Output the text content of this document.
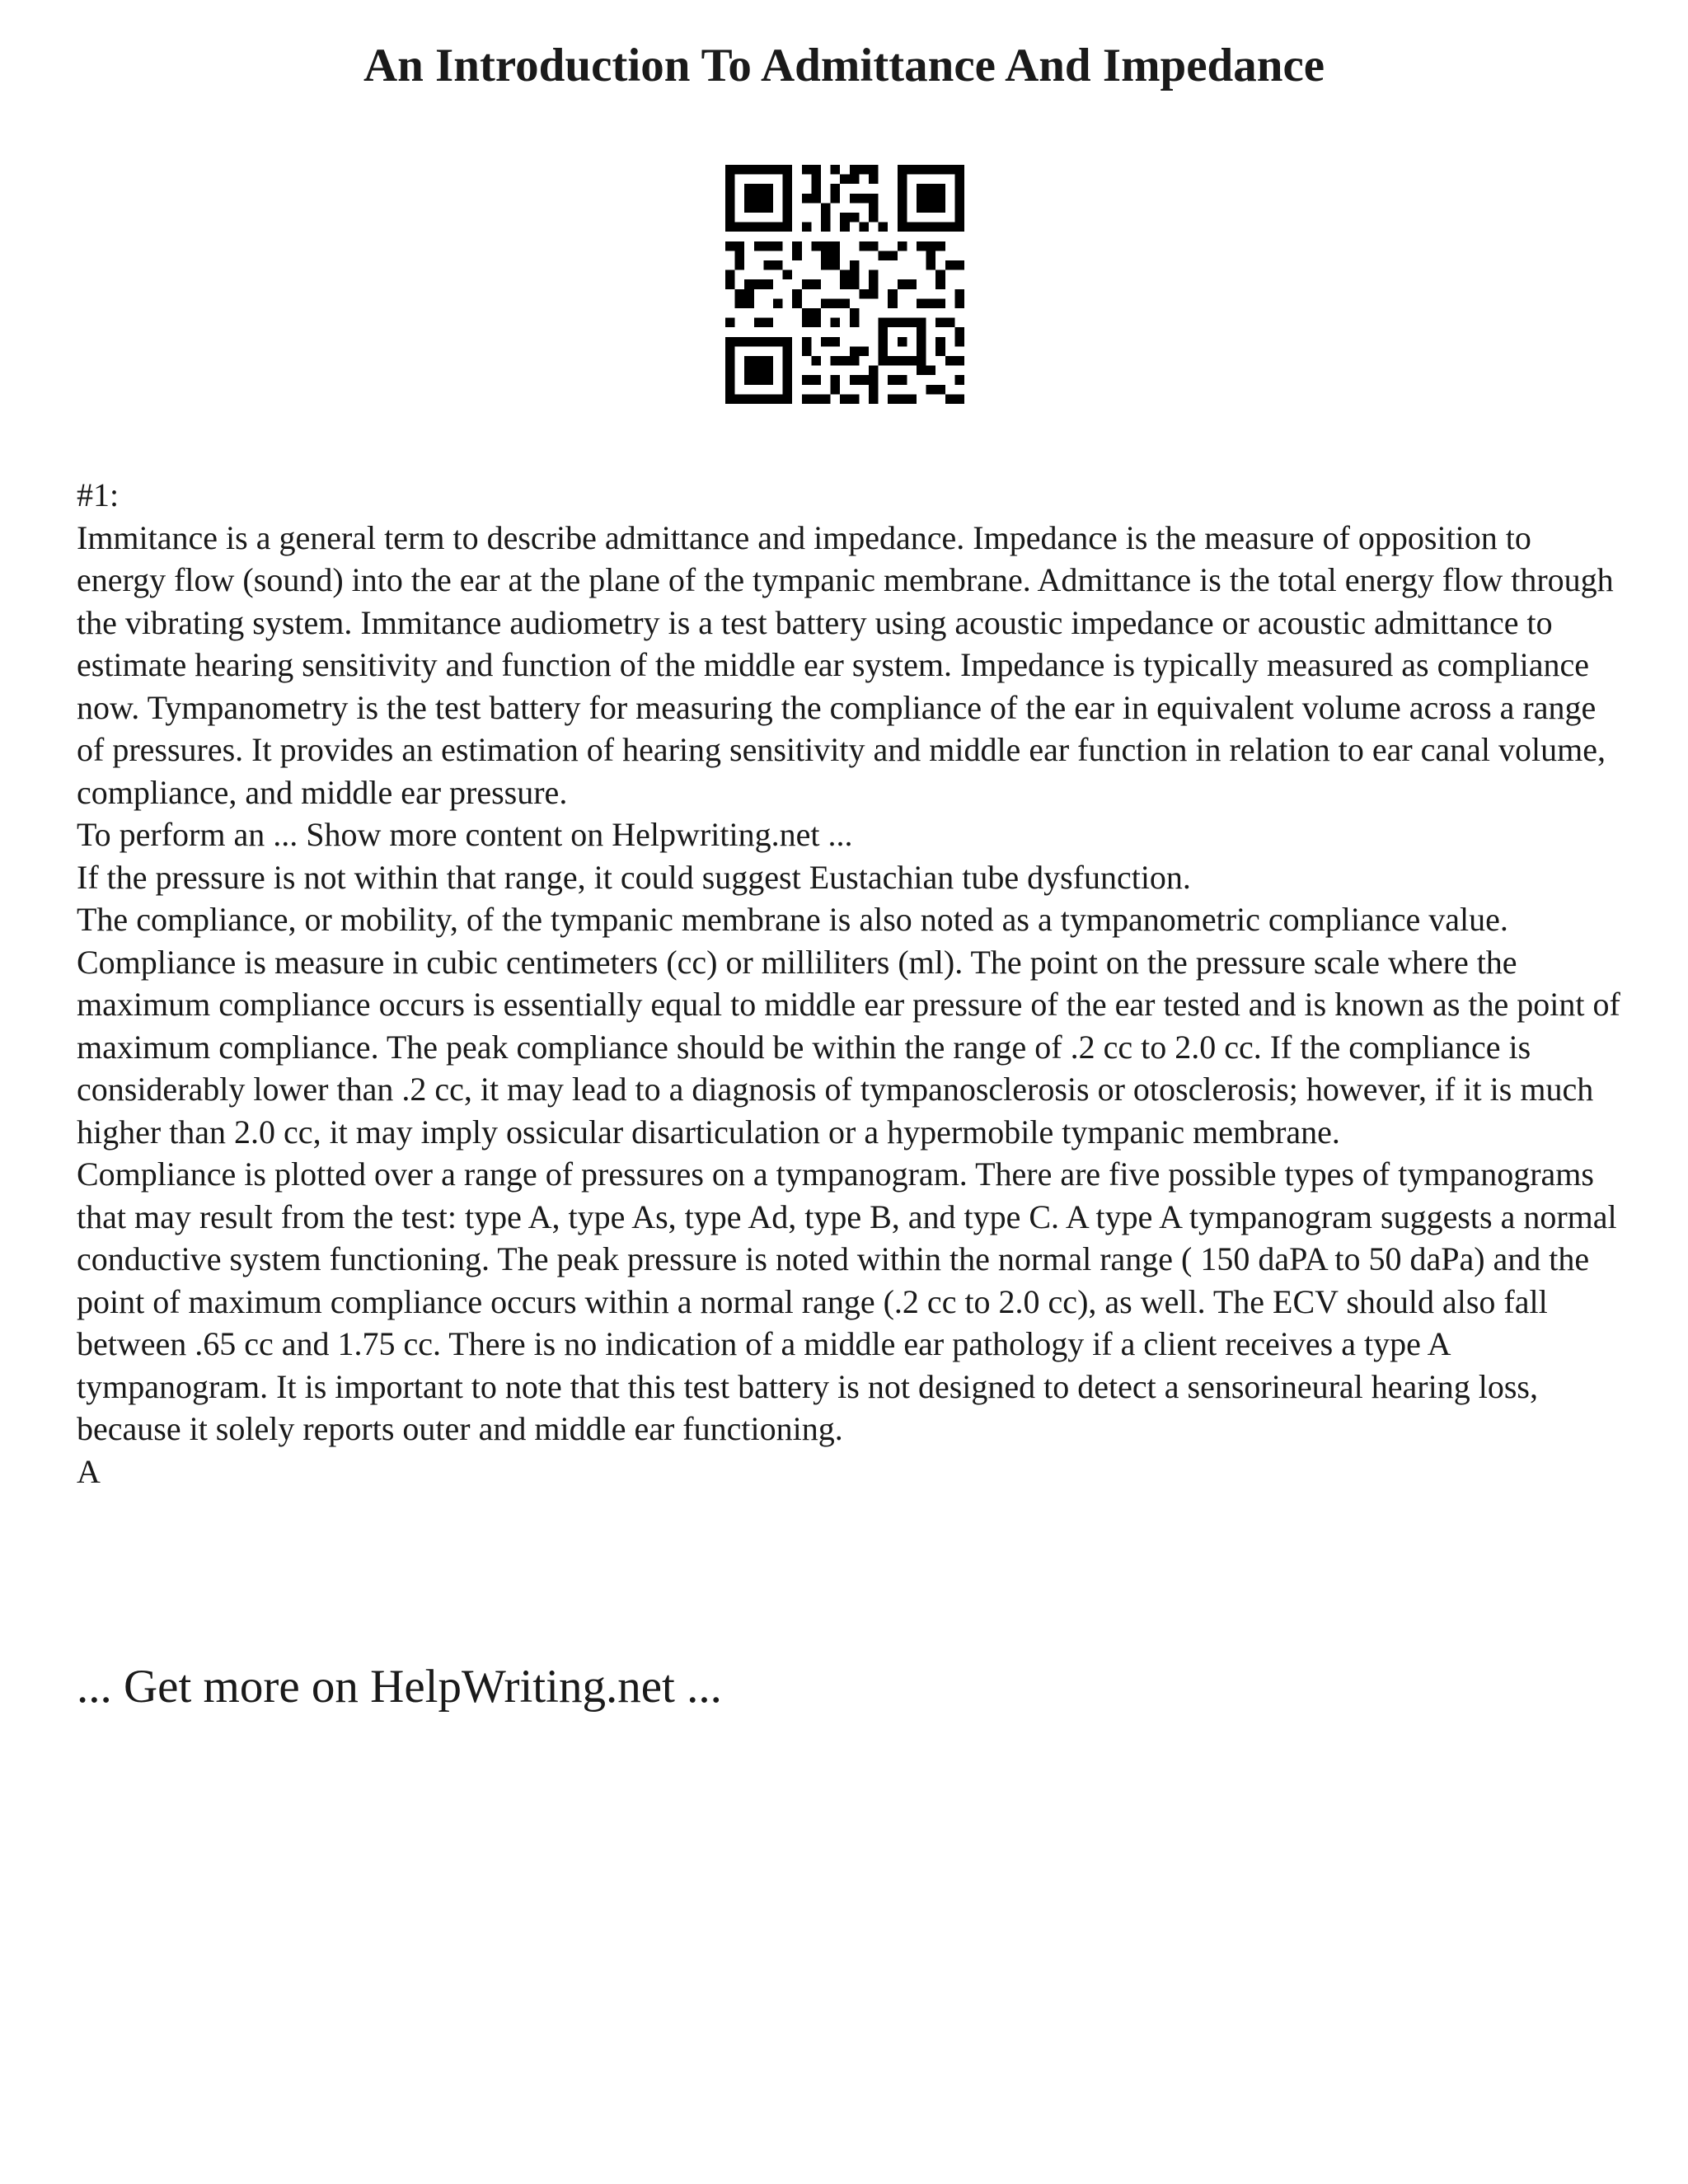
An Introduction To Admittance And Impedance

#1:

Immitance is a general term to describe admittance and impedance. Impedance is the measure of opposition to energy flow (sound) into the ear at the plane of the tympanic membrane. Admittance is the total energy flow through the vibrating system. Immitance audiometry is a test battery using acoustic impedance or acoustic admittance to estimate hearing sensitivity and function of the middle ear system. Impedance is typically measured as compliance now. Tympanometry is the test battery for measuring the compliance of the ear in equivalent volume across a range of pressures. It provides an estimation of hearing sensitivity and middle ear function in relation to ear canal volume, compliance, and middle ear pressure.

To perform an ... Show more content on Helpwriting.net ...

If the pressure is not within that range, it could suggest Eustachian tube dysfunction.

The compliance, or mobility, of the tympanic membrane is also noted as a tympanometric compliance value. Compliance is measure in cubic centimeters (cc) or milliliters (ml). The point on the pressure scale where the maximum compliance occurs is essentially equal to middle ear pressure of the ear tested and is known as the point of maximum compliance. The peak compliance should be within the range of .2 cc to 2.0 cc. If the compliance is considerably lower than .2 cc, it may lead to a diagnosis of tympanosclerosis or otosclerosis; however, if it is much higher than 2.0 cc, it may imply ossicular disarticulation or a hypermobile tympanic membrane.

Compliance is plotted over a range of pressures on a tympanogram. There are five possible types of tympanograms that may result from the test: type A, type As, type Ad, type B, and type C. A type A tympanogram suggests a normal conductive system functioning. The peak pressure is noted within the normal range ( 150 daPA to 50 daPa) and the point of maximum compliance occurs within a normal range (.2 cc to 2.0 cc), as well. The ECV should also fall between .65 cc and 1.75 cc. There is no indication of a middle ear pathology if a client receives a type A tympanogram. It is important to note that this test battery is not designed to detect a sensorineural hearing loss, because it solely reports outer and middle ear functioning.

A

... Get more on HelpWriting.net ...
